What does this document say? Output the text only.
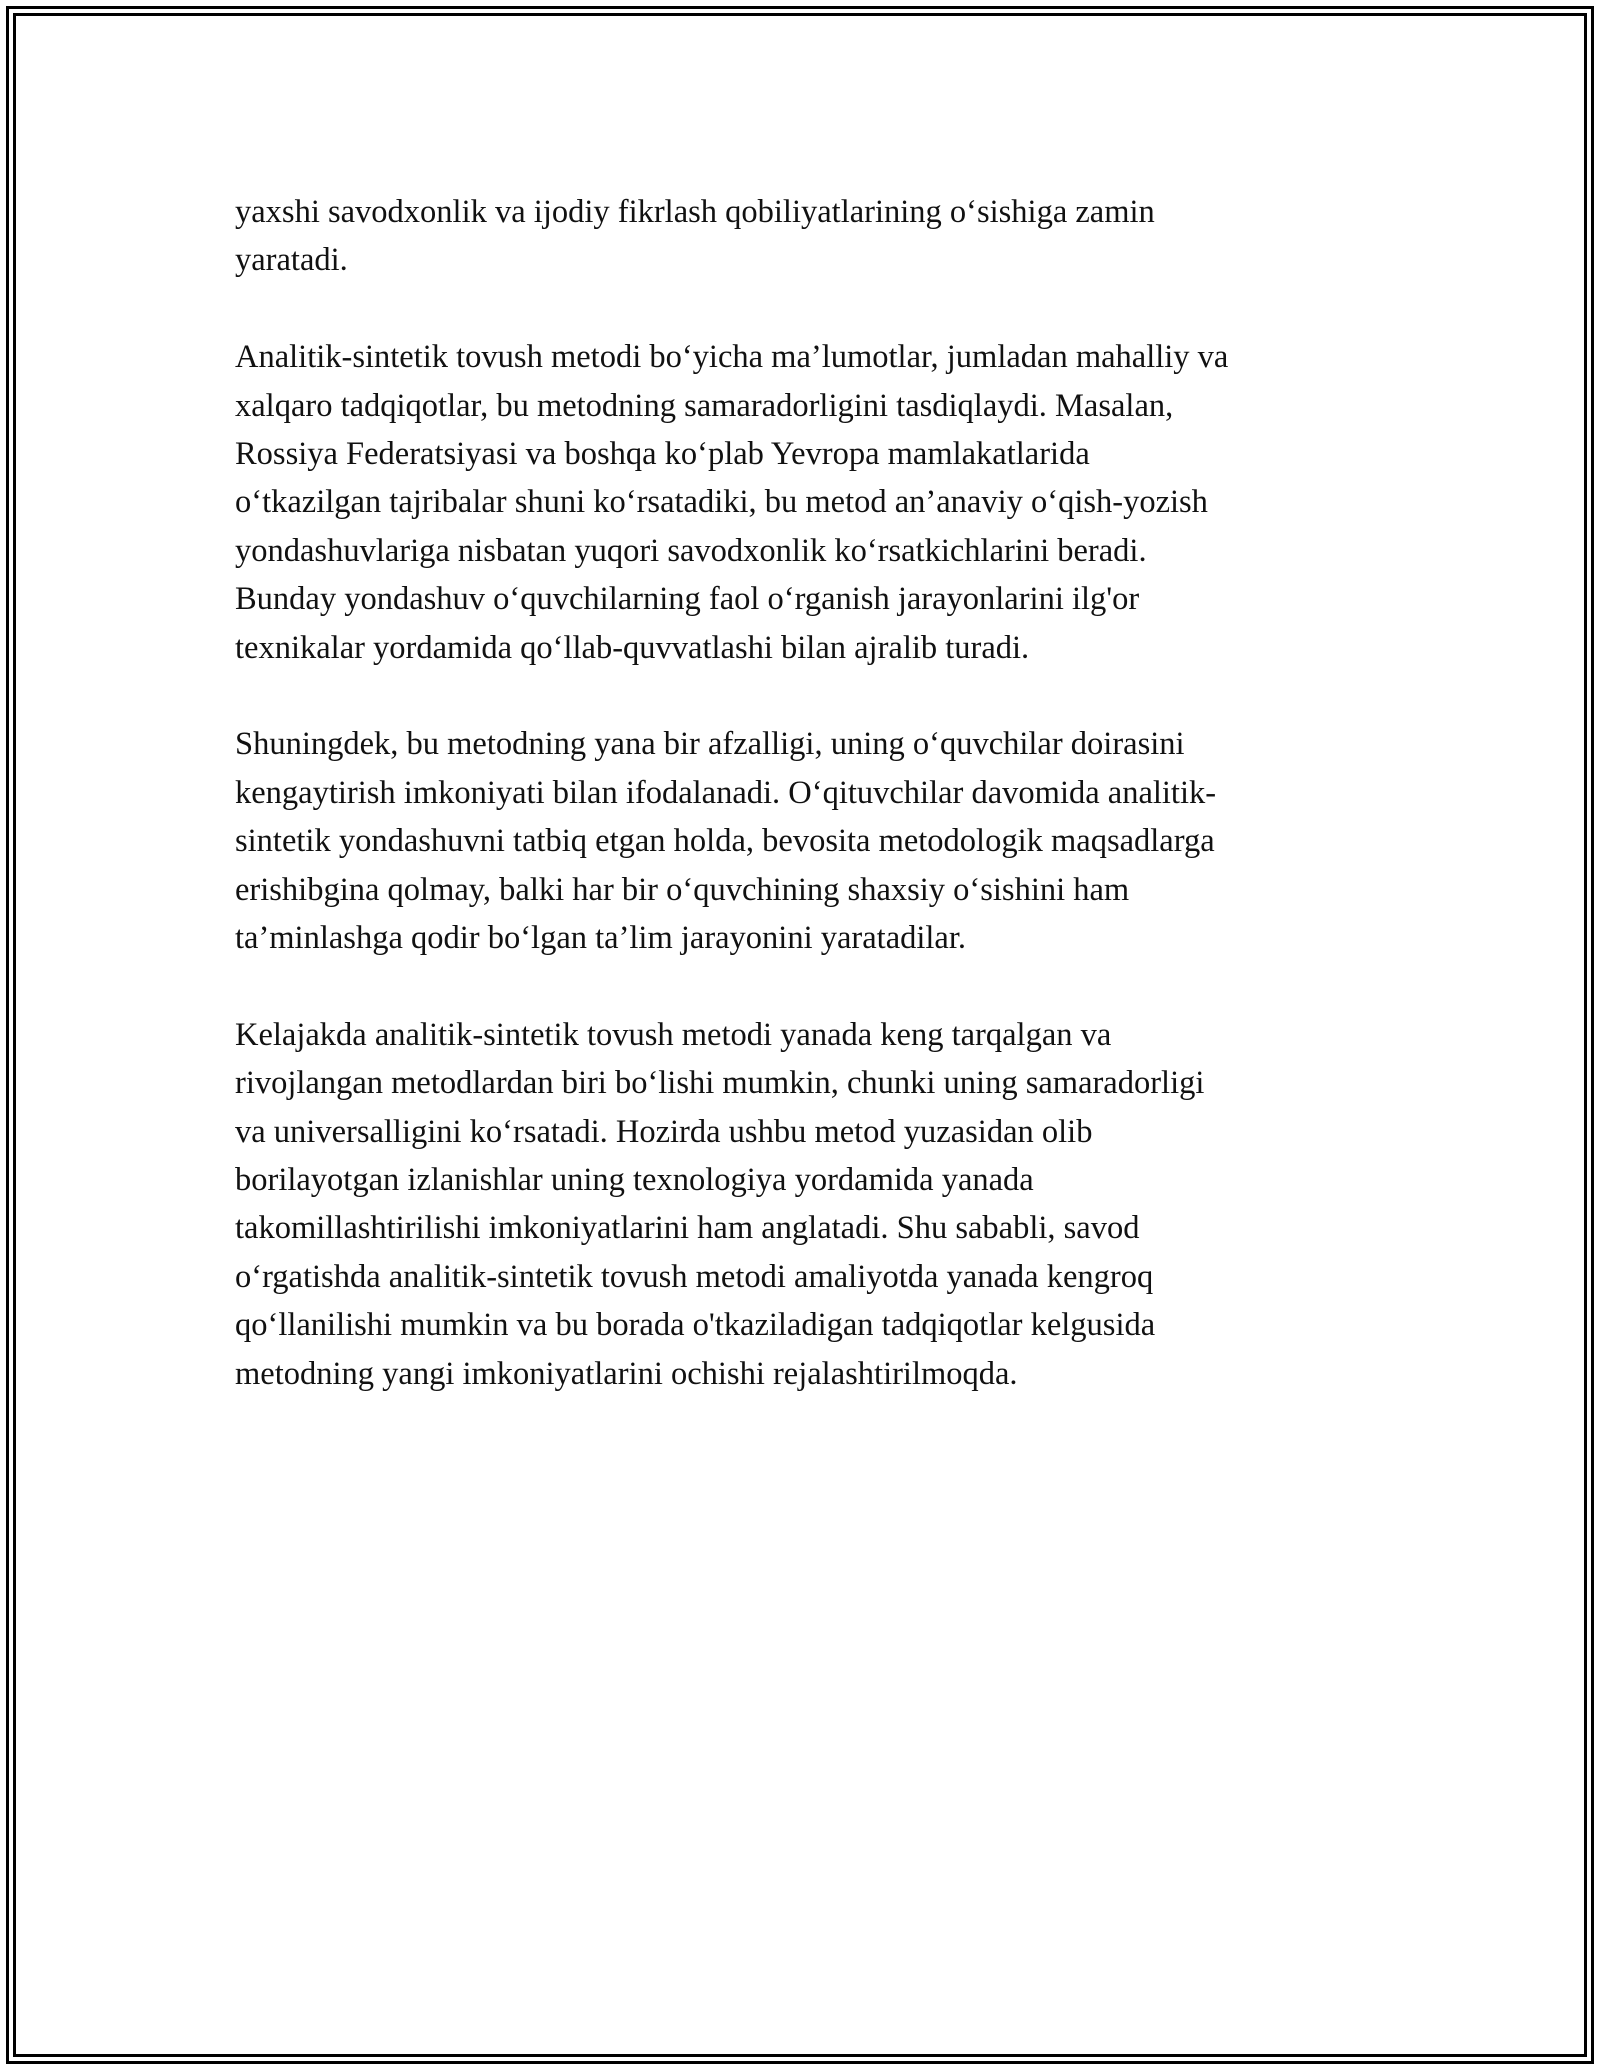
yaxshi savodxonlik va ijodiy fikrlash qobiliyatlarining o‘sishiga zamin
yaratadi.

Analitik-sintetik tovush metodi bo‘yicha ma’lumotlar, jumladan mahalliy va
xalqaro tadqiqotlar, bu metodning samaradorligini tasdiqlaydi. Masalan,
Rossiya Federatsiyasi va boshqa ko‘plab Yevropa mamlakatlarida
o‘tkazilgan tajribalar shuni ko‘rsatadiki, bu metod an’anaviy o‘qish-yozish
yondashuvlariga nisbatan yuqori savodxonlik ko‘rsatkichlarini beradi.
Bunday yondashuv o‘quvchilarning faol o‘rganish jarayonlarini ilg'or
texnikalar yordamida qo‘llab-quvvatlashi bilan ajralib turadi.

Shuningdek, bu metodning yana bir afzalligi, uning o‘quvchilar doirasini
kengaytirish imkoniyati bilan ifodalanadi. O‘qituvchilar davomida analitik-
sintetik yondashuvni tatbiq etgan holda, bevosita metodologik maqsadlarga
erishibgina qolmay, balki har bir o‘quvchining shaxsiy o‘sishini ham
ta’minlashga qodir bo‘lgan ta’lim jarayonini yaratadilar.

Kelajakda analitik-sintetik tovush metodi yanada keng tarqalgan va
rivojlangan metodlardan biri bo‘lishi mumkin, chunki uning samaradorligi
va universalligini ko‘rsatadi. Hozirda ushbu metod yuzasidan olib
borilayotgan izlanishlar uning texnologiya yordamida yanada
takomillashtirilishi imkoniyatlarini ham anglatadi. Shu sababli, savod
o‘rgatishda analitik-sintetik tovush metodi amaliyotda yanada kengroq
qo‘llanilishi mumkin va bu borada o'tkaziladigan tadqiqotlar kelgusida
metodning yangi imkoniyatlarini ochishi rejalashtirilmoqda.
